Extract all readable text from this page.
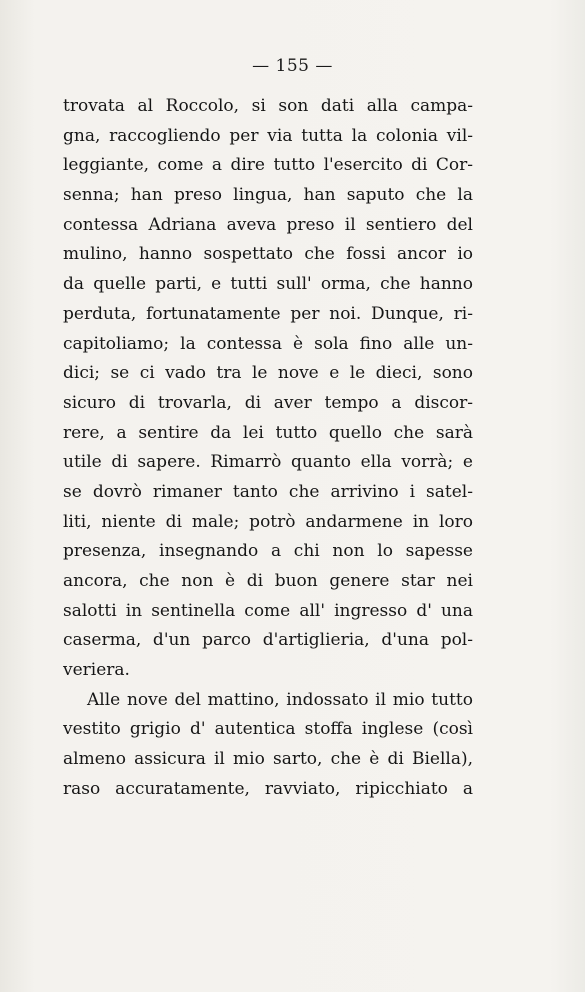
— 155 —
trovata al Roccolo, si son dati alla campa-
gna, raccogliendo per via tutta la colonia vil-
leggiante, come a dire tutto l'esercito di Cor-
senna; han preso lingua, han saputo che la
contessa Adriana aveva preso il sentiero del
mulino, hanno sospettato che fossi ancor io
da quelle parti, e tutti sull' orma, che hanno
perduta, fortunatamente per noi. Dunque, ri-
capitoliamo; la contessa è sola fino alle un-
dici; se ci vado tra le nove e le dieci, sono
sicuro di trovarla, di aver tempo a discor-
rere, a sentire da lei tutto quello che sarà
utile di sapere. Rimarrò quanto ella vorrà; e
se dovrò rimaner tanto che arrivino i satel-
liti, niente di male; potrò andarmene in loro
presenza, insegnando a chi non lo sapesse
ancora, che non è di buon genere star nei
salotti in sentinella come all' ingresso d' una
caserma, d'un parco d'artiglieria, d'una pol-
veriera.
Alle nove del mattino, indossato il mio tutto
vestito grigio d' autentica stoffa inglese (così
almeno assicura il mio sarto, che è di Biella),
raso accuratamente, ravviato, ripicchiato a
